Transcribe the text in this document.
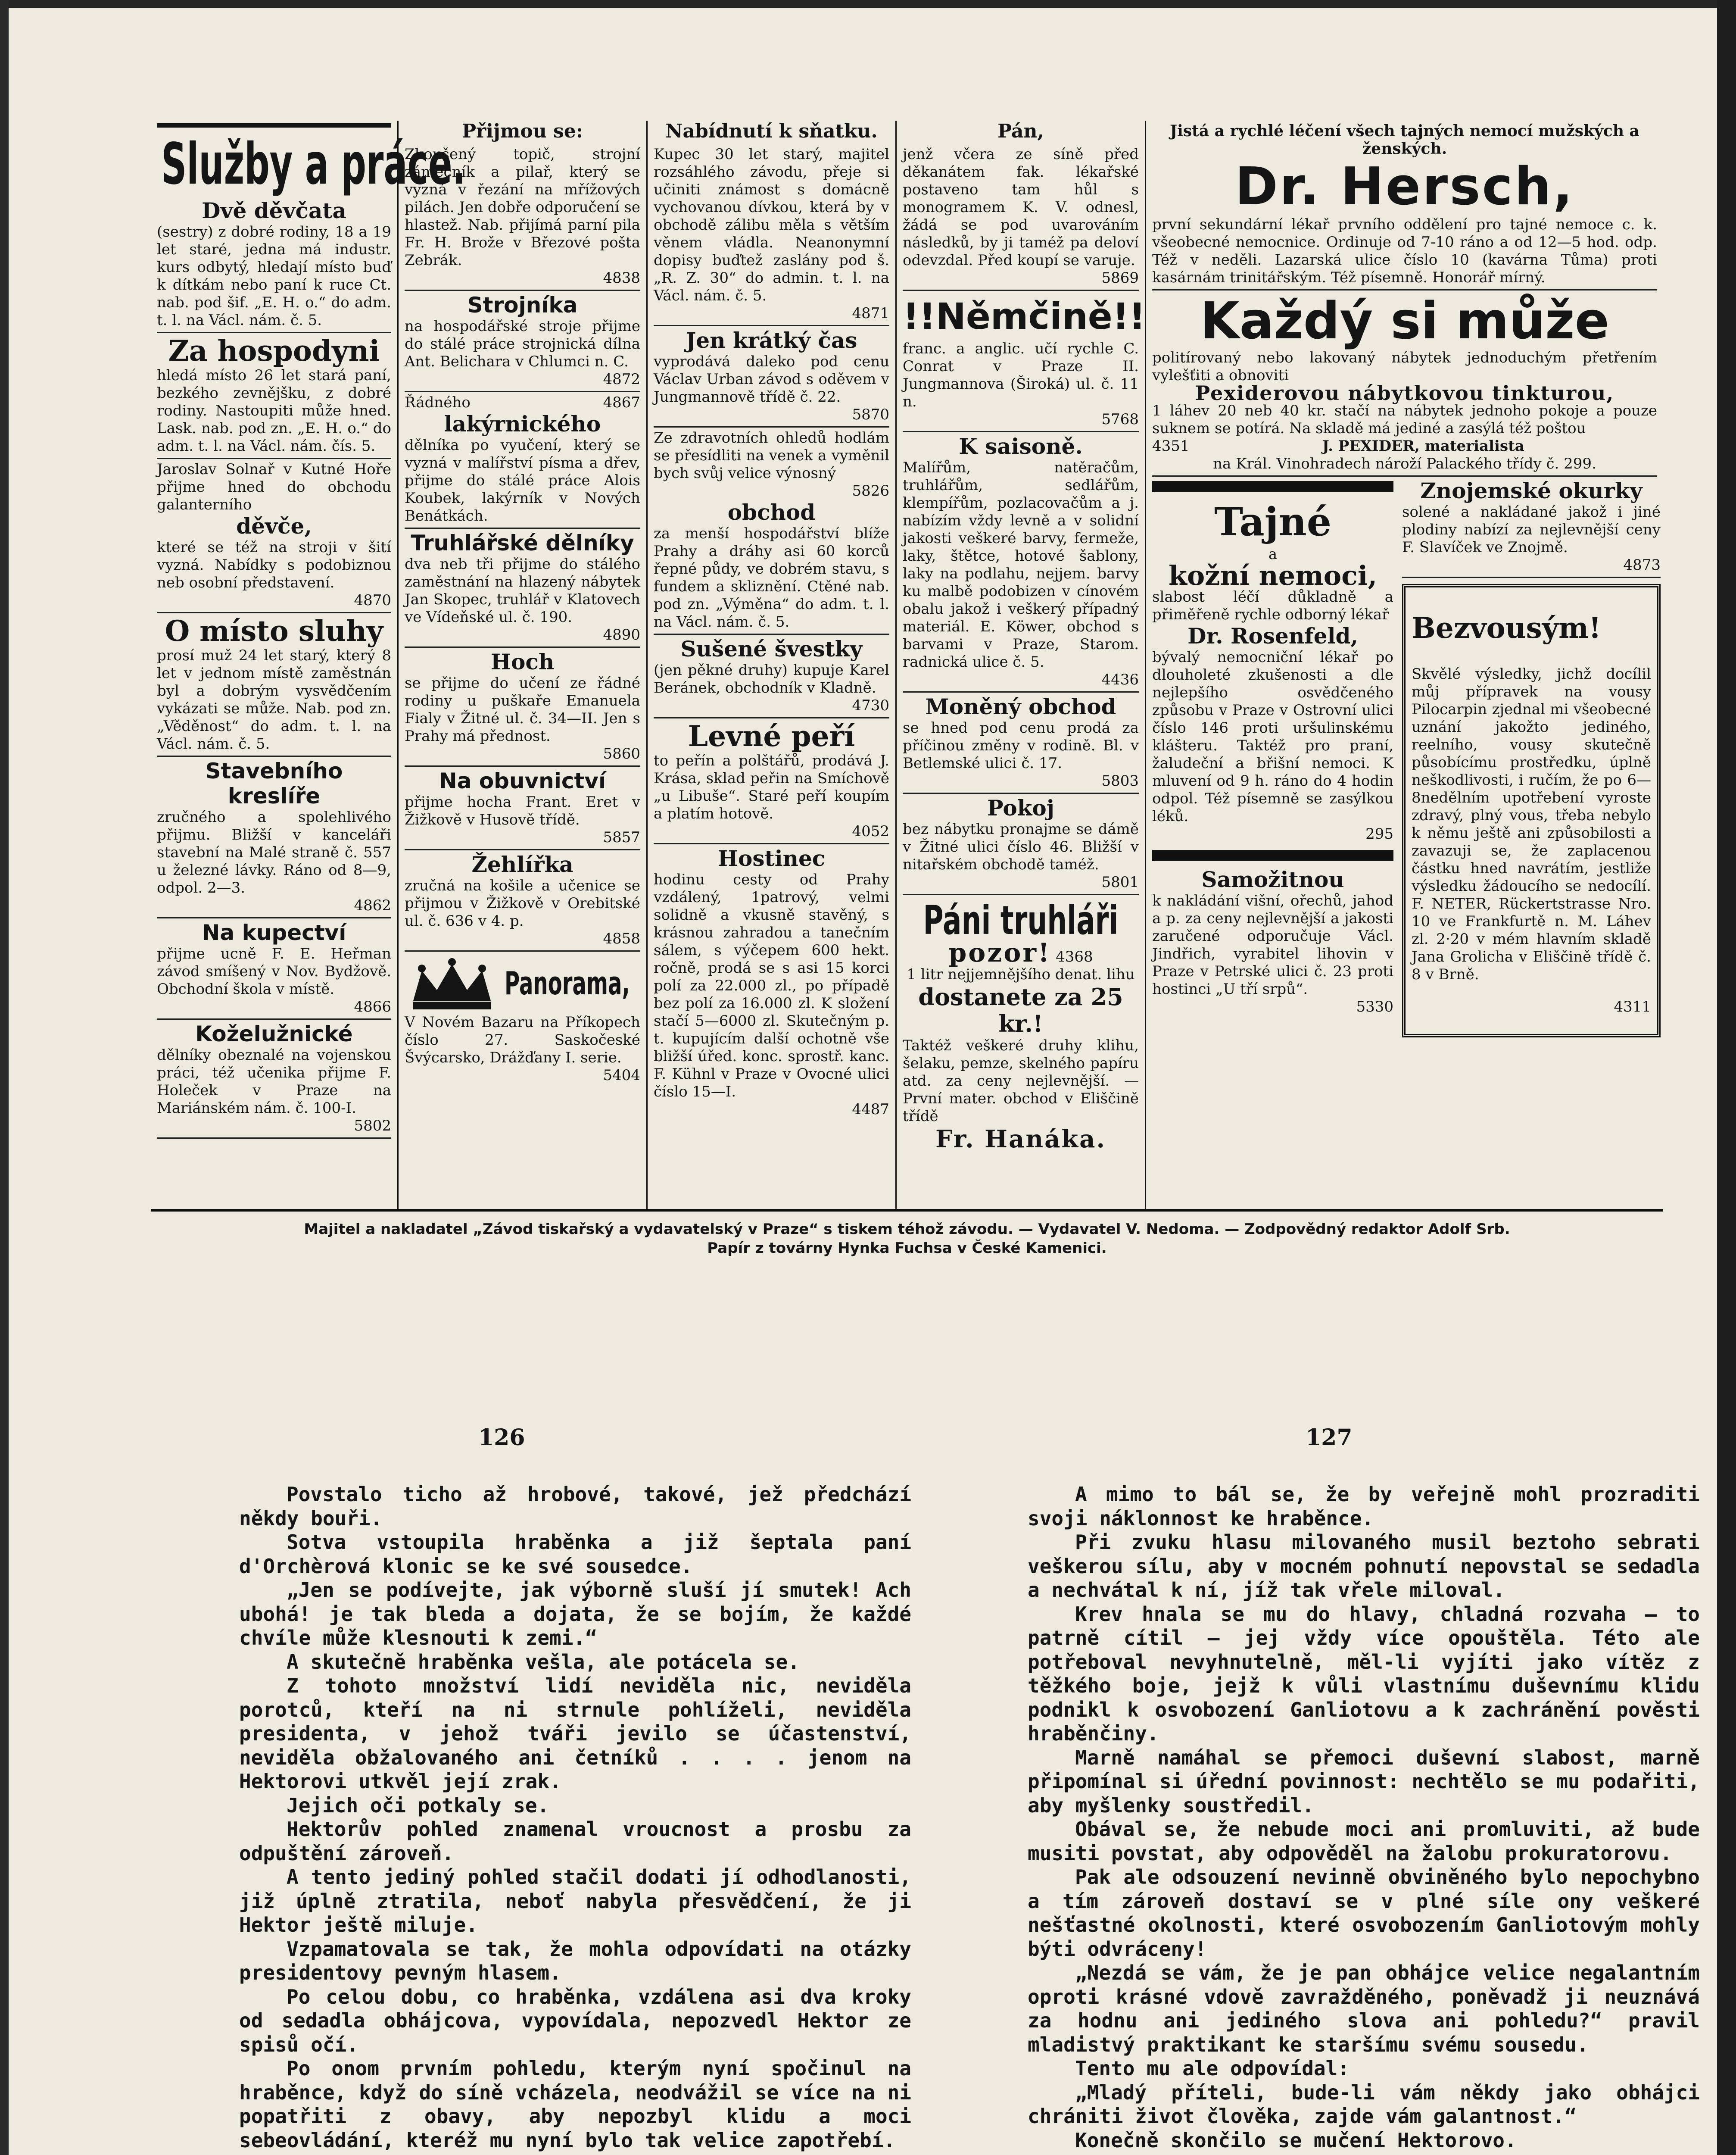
Služby a práce.
Dvě děvčata

(sestry) z dobré rodiny, 18 a 19 let staré, jedna má industr. kurs odbytý, hledají místo buď k dítkám nebo paní k ruce Ct. nab. pod šif. „E. H. o.“ do adm. t. l. na Václ. nám. č. 5.

Za hospodyni

hledá místo 26 let stará paní, bezkého zevnějšku, z dobré rodiny. Nastoupiti může hned. Lask. nab. pod zn. „E. H. o.“ do adm. t. l. na Václ. nám. čís. 5.

Jaroslav Solnař v Kutné Hoře přijme hned do obchodu galanterního

děvče,

které se též na stroji v šití vyzná. Nabídky s podobiznou neb osobní představení.

4870

O místo sluhy

prosí muž 24 let starý, který 8 let v jednom místě zaměstnán byl a dobrým vysvědčením vykázati se může. Nab. pod zn. „Věděnost“ do adm. t. l. na Václ. nám. č. 5.

Stavebního kreslíře

zručného a spolehlivého přijmu. Bližší v kanceláři stavební na Malé straně č. 557 u železné lávky. Ráno od 8—9, odpol. 2—3.

4862

Na kupectví

přijme ucně F. E. Heřman závod smíšený v Nov. Bydžově. Obchodní škola v místě.

4866

Koželužnické

dělníky obeznalé na vojenskou práci, též učenika přijme F. Holeček v Praze na Mariánském nám. č. 100-I.

5802

Přijmou se:

Zkoušený topič, strojní zámečník a pilař, který se vyzná v řezání na mřížových pilách. Jen dobře odporučení se hlastež. Nab. přijímá parní pila Fr. H. Brože v Březové pošta Zebrák.

4838

Strojníka

na hospodářské stroje přijme do stálé práce strojnická dílna Ant. Belichara v Chlumci n. C.

4872

Řádného	4867

lakýrnického

dělníka po vyučení, který se vyzná v malířství písma a dřev, přijme do stálé práce Alois Koubek, lakýrník v Nových Benátkách.

Truhlářské dělníky

dva neb tři přijme do stálého zaměstnání na hlazený nábytek Jan Skopec, truhlář v Klatovech ve Vídeňské ul. č. 190.

4890

Hoch

se přijme do učení ze řádné rodiny u puškaře Emanuela Fialy v Žitné ul. č. 34—II. Jen s Prahy má přednost.

5860

Na obuvnictví

přijme hocha Frant. Eret v Žižkově v Husově třídě.

5857

Žehlířka

zručná na košile a učenice se přijmou v Žižkově v Orebitské ul. č. 636 v 4. p.

4858

Panorama,

V Novém Bazaru na Příkopech číslo 27. Saskočeské Švýcarsko, Drážďany I. serie.

5404

Nabídnutí k sňatku.

Kupec 30 let starý, majitel rozsáhlého závodu, přeje si učiniti známost s domácně vychovanou dívkou, která by v obchodě zálibu měla s větším věnem vládla. Neanonymní dopisy buďtež zaslány pod š. „R. Z. 30“ do admin. t. l. na Václ. nám. č. 5.

4871

Jen krátký čas

vyprodává daleko pod cenu Václav Urban závod s oděvem v Jungmannově třídě č. 22.

5870

Ze zdravotních ohledů hodlám se přesídliti na venek a vyměnil bych svůj velice výnosný

5826

obchod

za menší hospodářství blíže Prahy a dráhy asi 60 korců řepné půdy, ve dobrém stavu, s fundem a skliznění. Ctěné nab. pod zn. „Výměna“ do adm. t. l. na Václ. nám. č. 5.

Sušené švestky

(jen pěkné druhy) kupuje Karel Beránek, obchodník v Kladně.

4730

Levné peří

to peřín a polštářů, prodává J. Krása, sklad peřin na Smíchově „u Libuše“. Staré peří koupím a platím hotově.

4052

Hostinec

hodinu cesty od Prahy vzdálený, 1patrový, velmi solidně a vkusně stavěný, s krásnou zahradou a tanečním sálem, s výčepem 600 hekt. ročně, prodá se s asi 15 korci polí za 22.000 zl., po případě bez polí za 16.000 zl. K složení stačí 5—6000 zl. Skutečným p. t. kupujícím další ochotně vše bližší úřed. konc. sprostř. kanc. F. Kühnl v Praze v Ovocné ulici číslo 15—I.

4487

Pán,

jenž včera ze síně před děkanátem fak. lékařské postaveno tam hůl s monogramem K. V. odnesl, žádá se pod uvarováním následků, by ji taméž pa deloví odevzdal. Před koupí se varuje.

5869

!!Němčině!!

franc. a anglic. učí rychle C. Conrat v Praze II. Jungmannova (Široká) ul. č. 11 n.

5768

K saisoně.

Malířům, natěračům, truhlářům, sedlářům, klempířům, pozlacovačům a j. nabízím vždy levně a v solidní jakosti veškeré barvy, fermeže, laky, štětce, hotové šablony, laky na podlahu, nejjem. barvy ku malbě podobizen v cínovém obalu jakož i veškerý případný materiál. E. Köwer, obchod s barvami v Praze, Starom. radnická ulice č. 5.

4436

Moněný obchod

se hned pod cenu prodá za příčinou změny v rodině. Bl. v Betlemské ulici č. 17.

5803

Pokoj

bez nábytku pronajme se dámě v Žitné ulici číslo 46. Bližší v nitařském obchodě taméž.

5801

Páni truhláři

pozor! 4368

1 litr nejjemnějšího denat. lihu

dostanete za 25 kr.!

Taktéž veškeré druhy klihu, šelaku, pemze, skelného papíru atd. za ceny nejlevnější. — První mater. obchod v Eliščině třídě

Fr. Hanáka.

Jistá a rychlé léčení všech tajných nemocí mužských a ženských.

Dr. Hersch,

první sekundární lékař prvního oddělení pro tajné nemoce c. k. všeobecné nemocnice. Ordinuje od 7-10 ráno a od 12—5 hod. odp. Též v neděli. Lazarská ulice číslo 10 (kavárna Tůma) proti kasárnám trinitářským. Též písemně. Honorář mírný.

Každý si může

politírovaný nebo lakovaný nábytek jednoduchým přetřením vylešťiti a obnoviti

Pexiderovou nábytkovou tinkturou,

1 láhev 20 neb 40 kr. stačí na nábytek jednoho pokoje a pouze suknem se potírá. Na skladě má jediné a zasýlá též poštou

4351	J. PEXIDER, materialista

na Král. Vinohradech nároží Palackého třídy č. 299.

Tajné

a

kožní nemoci,

slabost léčí důkladně a přiměřeně rychle odborný lékař

Dr. Rosenfeld,

bývalý nemocniční lékař po dlouholeté zkušenosti a dle nejlepšího osvědčeného způsobu v Praze v Ostrovní ulici číslo 146 proti uršulinskému klášteru. Taktéž pro praní, žaludeční a břišní nemoci. K mluvení od 9 h. ráno do 4 hodin odpol. Též písemně se zasýlkou léků.

295

Samožitnou

k nakládání višní, ořechů, jahod a p. za ceny nejlevnější a jakosti zaručené odporučuje Václ. Jindřich, vyrabitel lihovin v Praze v Petrské ulici č. 23 proti hostinci „U tří srpů“.

5330

Znojemské okurky

solené a nakládané jakož i jiné plodiny nabízí za nejlevnější ceny F. Slavíček ve Znojmě.

4873

Bezvousým!

Skvělé výsledky, jichž docílil můj přípravek na vousy Pilocarpin zjednal mi všeobecné uznání jakožto jediného, reelního, vousy skutečně působícímu prostředku, úplně neškodlivosti, i ručím, že po 6—8nedělním upotřebení vyroste zdravý, plný vous, třeba nebylo k němu ještě ani způsobilosti a zavazuji se, že zaplacenou částku hned navrátím, jestliže výsledku žádoucího se nedocílí. F. NETER, Rückertstrasse Nro. 10 ve Frankfurtě n. M. Láhev zl. 2·20 v mém hlavním skladě Jana Grolicha v Eliščině třídě č. 8 v Brně.

4311

Majitel a nakladatel „Závod tiskařský a vydavatelský v Praze“ s tiskem téhož závodu. — Vydavatel V. Nedoma. — Zodpovědný redaktor Adolf Srb.
Papír z továrny Hynka Fuchsa v České Kamenici.
126	127

Povstalo ticho až hrobové, takové, jež předchází někdy bouři.

Sotva vstoupila hraběnka a již šeptala paní d'Orchèrová klonic se ke své sousedce.

„Jen se podívejte, jak výborně sluší jí smutek! Ach ubohá! je tak bleda a dojata, že se bojím, že každé chvíle může klesnouti k zemi.“

A skutečně hraběnka vešla, ale potácela se.

Z tohoto množství lidí neviděla nic, neviděla porotců, kteří na ni strnule pohlíželi, neviděla presidenta, v jehož tváři jevilo se účastenství, neviděla obžalovaného ani četníků . . . . jenom na Hektorovi utkvěl její zrak.

Jejich oči potkaly se.

Hektorův pohled znamenal vroucnost a prosbu za odpuštění zároveň.

A tento jediný pohled stačil dodati jí odhodlanosti, již úplně ztratila, neboť nabyla přesvědčení, že ji Hektor ještě miluje.

Vzpamatovala se tak, že mohla odpovídati na otázky presidentovy pevným hlasem.

Po celou dobu, co hraběnka, vzdálena asi dva kroky od sedadla obhájcova, vypovídala, nepozvedl Hektor ze spisů očí.

Po onom prvním pohledu, kterým nyní spočinul na hraběnce, když do síně vcházela, neodvážil se více na ni popatřiti z obavy, aby nepozbyl klidu a moci sebeovládání, kteréž mu nyní bylo tak velice zapotřebí.

A mimo to bál se, že by veřejně mohl prozraditi svoji náklonnost ke hraběnce.

Při zvuku hlasu milovaného musil beztoho sebrati veškerou sílu, aby v mocném pohnutí nepovstal se sedadla a nechvátal k ní, jíž tak vřele miloval.

Krev hnala se mu do hlavy, chladná rozvaha — to patrně cítil — jej vždy více opouštěla. Této ale potřeboval nevyhnutelně, měl-li vyjíti jako vítěz z těžkého boje, jejž k vůli vlastnímu duševnímu klidu podnikl k osvobození Ganliotovu a k zachránění pověsti hraběnčiny.

Marně namáhal se přemoci duševní slabost, marně připomínal si úřední povinnost: nechtělo se mu podařiti, aby myšlenky soustředil.

Obával se, že nebude moci ani promluviti, až bude musiti povstat, aby odpověděl na žalobu prokuratorovu.

Pak ale odsouzení nevinně obviněného bylo nepochybno a tím zároveň dostaví se v plné síle ony veškeré nešťastné okolnosti, které osvobozením Ganliotovým mohly býti odvráceny!

„Nezdá se vám, že je pan obhájce velice negalantním oproti krásné vdově zavražděného, poněvadž ji neuznává za hodnu ani jediného slova ani pohledu?“ pravil mladistvý praktikant ke staršímu svému sousedu.

Tento mu ale odpovídal:

„Mladý příteli, bude-li vám někdy jako obhájci chrániti život člověka, zajde vám galantnost.“

Konečně skončilo se mučení Hektorovo.
